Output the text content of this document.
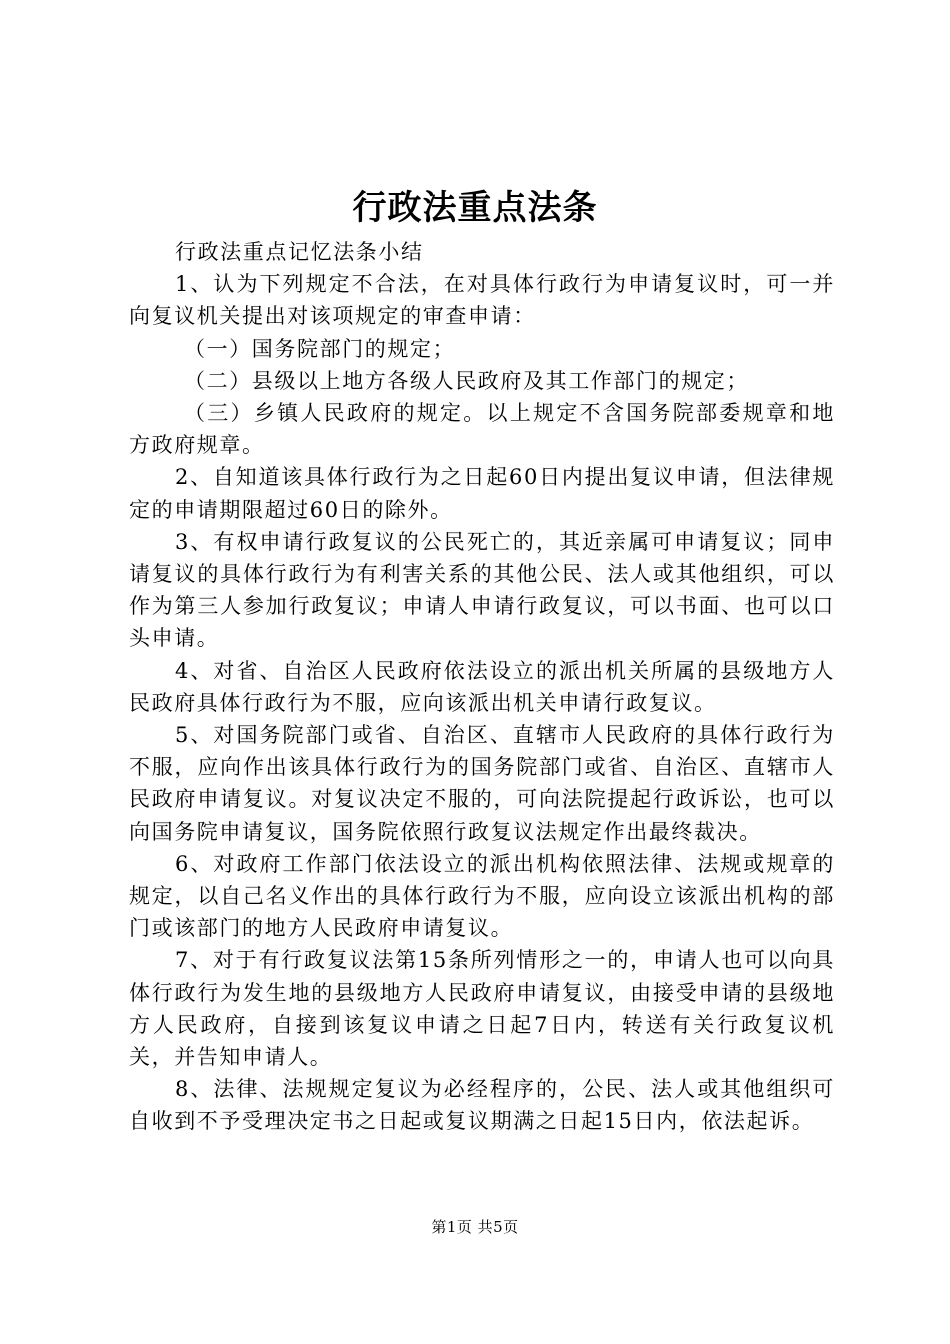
行政法重点法条

行政法重点记忆法条小结

1、认为下列规定不合法，在对具体行政行为申请复议时，可一并向复议机关提出对该项规定的审查申请：

（一）国务院部门的规定；

（二）县级以上地方各级人民政府及其工作部门的规定；

（三）乡镇人民政府的规定。以上规定不含国务院部委规章和地方政府规章。

2、自知道该具体行政行为之日起60日内提出复议申请，但法律规定的申请期限超过60日的除外。

3、有权申请行政复议的公民死亡的，其近亲属可申请复议；同申请复议的具体行政行为有利害关系的其他公民、法人或其他组织，可以作为第三人参加行政复议；申请人申请行政复议，可以书面、也可以口头申请。

4、对省、自治区人民政府依法设立的派出机关所属的县级地方人民政府具体行政行为不服，应向该派出机关申请行政复议。

5、对国务院部门或省、自治区、直辖市人民政府的具体行政行为不服，应向作出该具体行政行为的国务院部门或省、自治区、直辖市人民政府申请复议。对复议决定不服的，可向法院提起行政诉讼，也可以向国务院申请复议，国务院依照行政复议法规定作出最终裁决。

6、对政府工作部门依法设立的派出机构依照法律、法规或规章的规定，以自己名义作出的具体行政行为不服，应向设立该派出机构的部门或该部门的地方人民政府申请复议。

7、对于有行政复议法第15条所列情形之一的，申请人也可以向具体行政行为发生地的县级地方人民政府申请复议，由接受申请的县级地方人民政府，自接到该复议申请之日起7日内，转送有关行政复议机关，并告知申请人。

8、法律、法规规定复议为必经程序的，公民、法人或其他组织可自收到不予受理决定书之日起或复议期满之日起15日内，依法起诉。

第1页 共5页
